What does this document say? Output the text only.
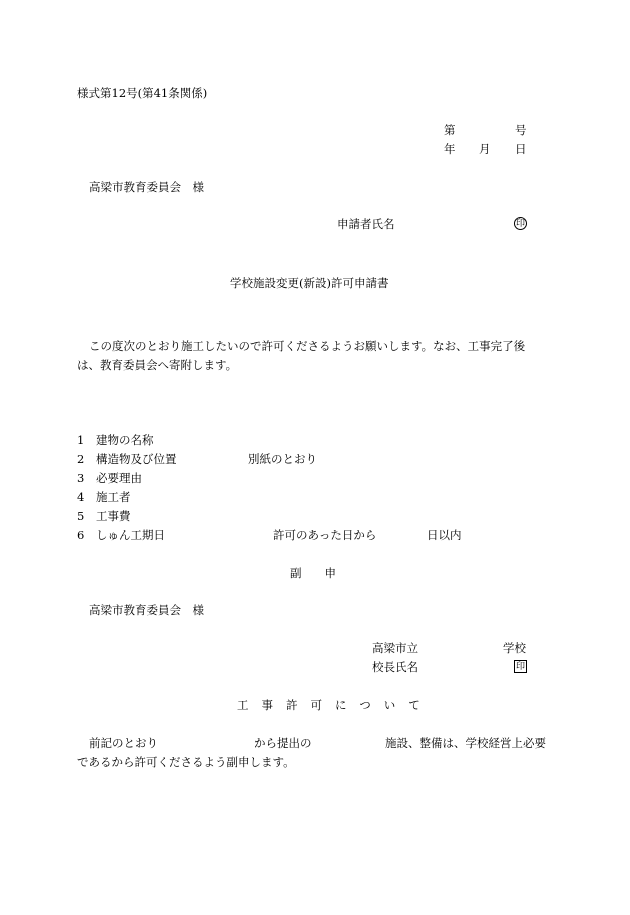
様式第12号(第41条関係)
第	号
年 月 日
高梁市教育委員会　様
申請者氏名	印
学校施設変更(新設)許可申請書
この度次のとおり施工したいので許可くださるようお願いします。なお、工事完了後
は、教育委員会へ寄附します。
1 建物の名称
2 構造物及び位置	別紙のとおり
3 必要理由
4 施工者
5 工事費
6 しゅん工期日	許可のあった日から	日以内
副　　申
高梁市教育委員会　様
高梁市立	学校
校長氏名	印
工事許可について
前記のとおり	から提出の	施設、整備は、学校経営上必要
であるから許可くださるよう副申します。
